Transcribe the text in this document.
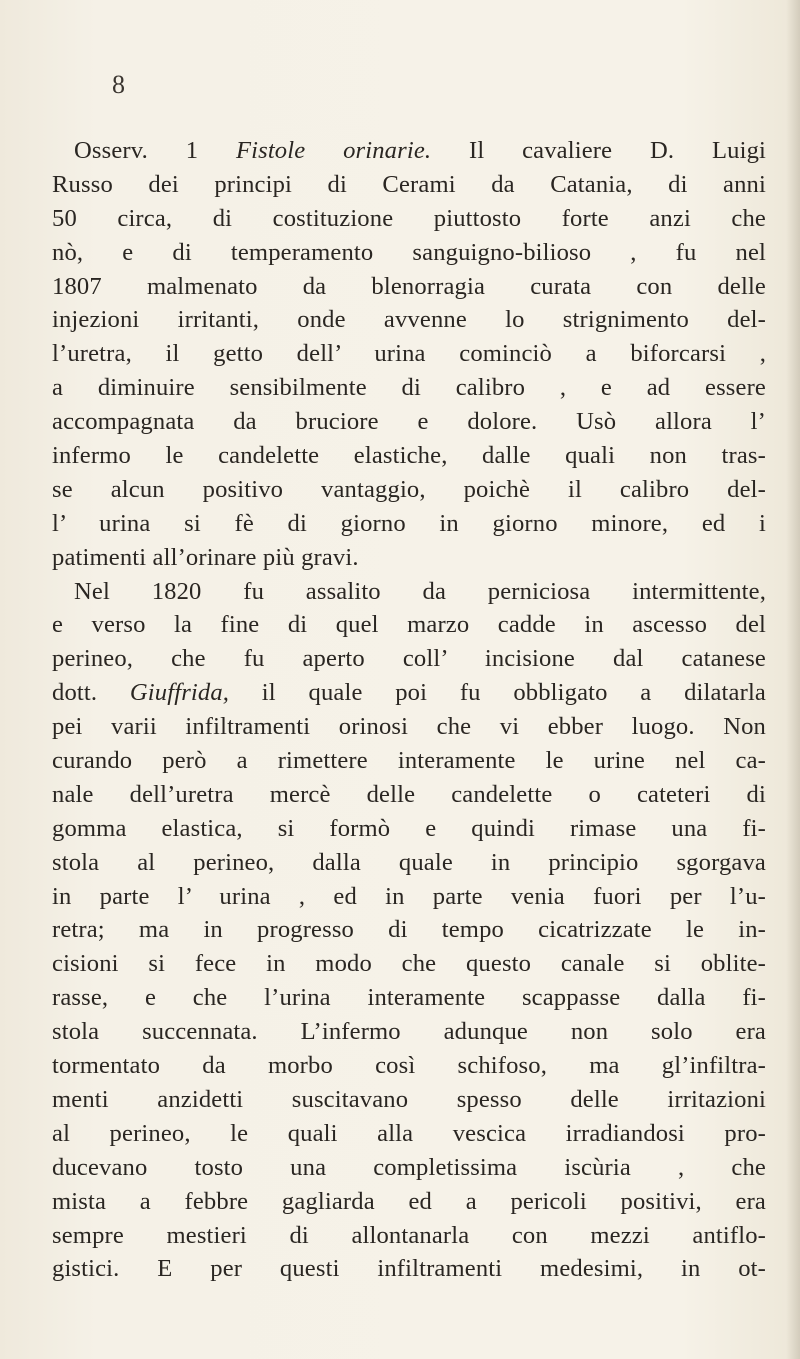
8
Osserv. 1 Fistole orinarie. Il cavaliere D. Luigi
Russo dei principi di Cerami da Catania, di anni
50 circa, di costituzione piuttosto forte anzi che
nò, e di temperamento sanguigno-bilioso , fu nel
1807 malmenato da blenorragia curata con delle
injezioni irritanti, onde avvenne lo strignimento del-
l’uretra, il getto dell’ urina cominciò a biforcarsi ,
a diminuire sensibilmente di calibro , e ad essere
accompagnata da bruciore e dolore. Usò allora l’
infermo le candelette elastiche, dalle quali non tras-
se alcun positivo vantaggio, poichè il calibro del-
l’ urina si fè di giorno in giorno minore, ed i
patimenti all’orinare più gravi.
Nel 1820 fu assalito da perniciosa intermittente,
e verso la fine di quel marzo cadde in ascesso del
perineo, che fu aperto coll’ incisione dal catanese
dott. Giuffrida, il quale poi fu obbligato a dilatarla
pei varii infiltramenti orinosi che vi ebber luogo. Non
curando però a rimettere interamente le urine nel ca-
nale dell’uretra mercè delle candelette o cateteri di
gomma elastica, si formò e quindi rimase una fi-
stola al perineo, dalla quale in principio sgorgava
in parte l’ urina , ed in parte venia fuori per l’u-
retra; ma in progresso di tempo cicatrizzate le in-
cisioni si fece in modo che questo canale si oblite-
rasse, e che l’urina interamente scappasse dalla fi-
stola succennata. L’infermo adunque non solo era
tormentato da morbo così schifoso, ma gl’infiltra-
menti anzidetti suscitavano spesso delle irritazioni
al perineo, le quali alla vescica irradiandosi pro-
ducevano tosto una completissima iscùria , che
mista a febbre gagliarda ed a pericoli positivi, era
sempre mestieri di allontanarla con mezzi antiflo-
gistici. E per questi infiltramenti medesimi, in ot-
